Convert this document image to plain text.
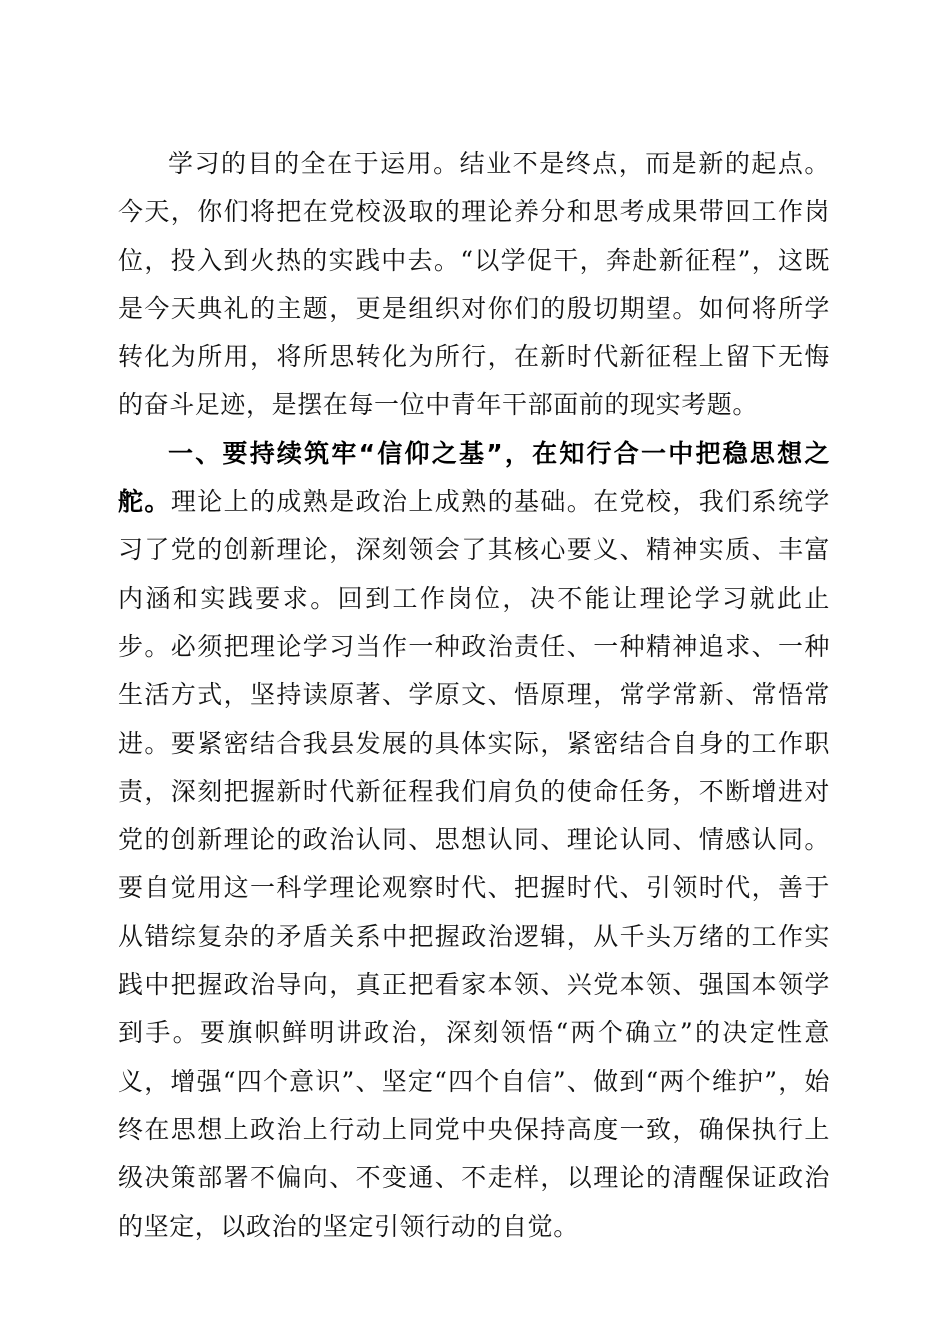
学习的目的全在于运用。结业不是终点，而是新的起点。今天，你们将把在党校汲取的理论养分和思考成果带回工作岗位，投入到火热的实践中去。“以学促干，奔赴新征程”，这既是今天典礼的主题，更是组织对你们的殷切期望。如何将所学转化为所用，将所思转化为所行，在新时代新征程上留下无悔的奋斗足迹，是摆在每一位中青年干部面前的现实考题。

一、要持续筑牢“信仰之基”，在知行合一中把稳思想之舵。理论上的成熟是政治上成熟的基础。在党校，我们系统学习了党的创新理论，深刻领会了其核心要义、精神实质、丰富内涵和实践要求。回到工作岗位，决不能让理论学习就此止步。必须把理论学习当作一种政治责任、一种精神追求、一种生活方式，坚持读原著、学原文、悟原理，常学常新、常悟常进。要紧密结合我县发展的具体实际，紧密结合自身的工作职责，深刻把握新时代新征程我们肩负的使命任务，不断增进对党的创新理论的政治认同、思想认同、理论认同、情感认同。要自觉用这一科学理论观察时代、把握时代、引领时代，善于从错综复杂的矛盾关系中把握政治逻辑，从千头万绪的工作实践中把握政治导向，真正把看家本领、兴党本领、强国本领学到手。要旗帜鲜明讲政治，深刻领悟“两个确立”的决定性意义，增强“四个意识”、坚定“四个自信”、做到“两个维护”，始终在思想上政治上行动上同党中央保持高度一致，确保执行上级决策部署不偏向、不变通、不走样，以理论的清醒保证政治的坚定，以政治的坚定引领行动的自觉。
